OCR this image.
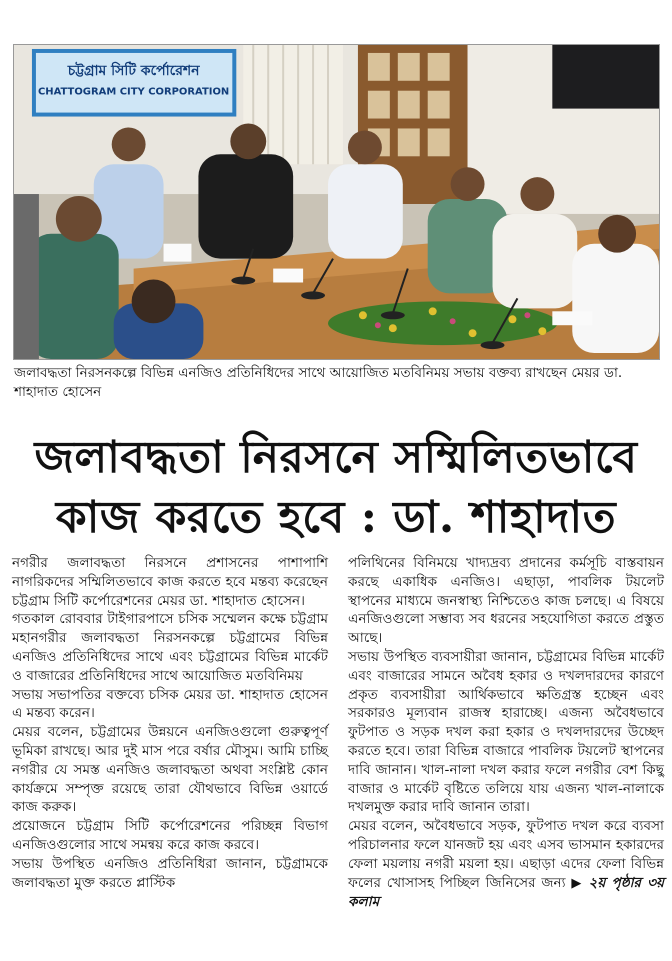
চট্টগ্রাম সিটি কর্পোরেশন
CHATTOGRAM CITY CORPORATION
জলাবদ্ধতা নিরসনকল্পে বিভিন্ন এনজিও প্রতিনিধিদের সাথে আয়োজিত মতবিনিময় সভায় বক্তব্য রাখছেন মেয়র ডা. শাহাদাত হোসেন
জলাবদ্ধতা নিরসনে সম্মিলিতভাবে
কাজ করতে হবে : ডা. শাহাদাত

নগরীর জলাবদ্ধতা নিরসনে প্রশাসনের পাশাপাশি নাগরিকদের সম্মিলিতভাবে কাজ করতে হবে মন্তব্য করেছেন চট্টগ্রাম সিটি কর্পোরেশনের মেয়র ডা. শাহাদাত হোসেন।

গতকাল রোববার টাইগারপাসে চসিক সম্মেলন কক্ষে চট্টগ্রাম মহানগরীর জলাবদ্ধতা নিরসনকল্পে চট্টগ্রামের বিভিন্ন এনজিও প্রতিনিধিদের সাথে এবং চট্টগ্রামের বিভিন্ন মার্কেট ও বাজারের প্রতিনিধিদের সাথে আয়োজিত মতবিনিময়

সভায় সভাপতির বক্তব্যে চসিক মেয়র ডা. শাহাদাত হোসেন এ মন্তব্য করেন।

মেয়র বলেন, চট্টগ্রামের উন্নয়নে এনজিওগুলো গুরুত্বপূর্ণ ভূমিকা রাখছে। আর দুই মাস পরে বর্ষার মৌসুম। আমি চাচ্ছি নগরীর যে সমস্ত এনজিও জলাবদ্ধতা অথবা সংশ্লিষ্ট কোন কার্যক্রমে সম্পৃক্ত রয়েছে তারা যৌথভাবে বিভিন্ন ওয়ার্ডে কাজ করুক।

প্রয়োজনে চট্টগ্রাম সিটি কর্পোরেশনের পরিচ্ছন্ন বিভাগ এনজিওগুলোর সাথে সমন্বয় করে কাজ করবে।

সভায় উপস্থিত এনজিও প্রতিনিধিরা জানান, চট্টগ্রামকে জলাবদ্ধতা মুক্ত করতে প্লাস্টিক

পলিথিনের বিনিময়ে খাদ্যদ্রব্য প্রদানের কর্মসূচি বাস্তবায়ন করছে একাধিক এনজিও। এছাড়া, পাবলিক টয়লেট স্থাপনের মাধ্যমে জনস্বাস্থ্য নিশ্চিতেও কাজ চলছে। এ বিষয়ে এনজিওগুলো সম্ভাব্য সব ধরনের সহযোগিতা করতে প্রস্তুত আছে।

সভায় উপস্থিত ব্যবসায়ীরা জানান, চট্টগ্রামের বিভিন্ন মার্কেট এবং বাজারের সামনে অবৈধ হকার ও দখলদারদের কারণে প্রকৃত ব্যবসায়ীরা আর্থিকভাবে ক্ষতিগ্রস্ত হচ্ছেন এবং সরকারও মূল্যবান রাজস্ব হারাচ্ছে। এজন্য অবৈধভাবে ফুটপাত ও সড়ক দখল করা হকার ও দখলদারদের উচ্ছেদ করতে হবে। তারা বিভিন্ন বাজারে পাবলিক টয়লেট স্থাপনের দাবি জানান। খাল-নালা দখল করার ফলে নগরীর বেশ কিছু বাজার ও মার্কেট বৃষ্টিতে তলিয়ে যায় এজন্য খাল-নালাকে দখলমুক্ত করার দাবি জানান তারা।

মেয়র বলেন, অবৈধভাবে সড়ক, ফুটপাত দখল করে ব্যবসা পরিচালনার ফলে যানজট হয় এবং এসব ভাসমান হকারদের ফেলা ময়লায় নগরী ময়লা হয়। এছাড়া এদের ফেলা বিভিন্ন ফলের খোসাসহ পিচ্ছিল জিনিসের জন্য ▶ ২য় পৃষ্ঠার ৩য় কলাম
